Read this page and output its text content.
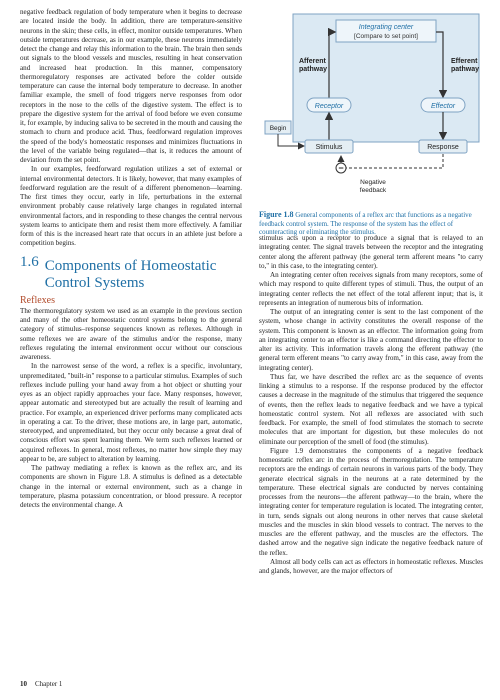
negative feedback regulation of body temperature when it begins to decrease are located inside the body. In addition, there are temperature-sensitive neurons in the skin; these cells, in effect, monitor outside temperatures. When outside temperatures decrease, as in our example, these neurons immediately detect the change and relay this information to the brain. The brain then sends out signals to the blood vessels and muscles, resulting in heat conservation and increased heat production. In this manner, compensatory thermoregulatory responses are activated before the colder outside temperature can cause the internal body temperature to decrease. In another familiar example, the smell of food triggers nerve responses from odor receptors in the nose to the cells of the digestive system. The effect is to prepare the digestive system for the arrival of food before we even consume it, for example, by inducing saliva to be secreted in the mouth and causing the stomach to churn and produce acid. Thus, feedforward regulation improves the speed of the body's homeostatic responses and minimizes fluctuations in the level of the variable being regulated—that is, it reduces the amount of deviation from the set point.

In our examples, feedforward regulation utilizes a set of external or internal environmental detectors. It is likely, however, that many examples of feedforward regulation are the result of a different phenomenon—learning. The first times they occur, early in life, perturbations in the external environment probably cause relatively large changes in regulated internal environmental factors, and in responding to these changes the central nervous system learns to anticipate them and resist them more effectively. A familiar form of this is the increased heart rate that occurs in an athlete just before a competition begins.

1.6 Components of Homeostatic
Control Systems
Reflexes

The thermoregulatory system we used as an example in the previous section and many of the other homeostatic control systems belong to the general category of stimulus–response sequences known as reflexes. Although in some reflexes we are aware of the stimulus and/or the response, many reflexes regulating the internal environment occur without our conscious awareness.

In the narrowest sense of the word, a reflex is a specific, involuntary, unpremeditated, "built-in" response to a particular stimulus. Examples of such reflexes include pulling your hand away from a hot object or shutting your eyes as an object rapidly approaches your face. Many responses, however, appear automatic and stereotyped but are actually the result of learning and practice. For example, an experienced driver performs many complicated acts in operating a car. To the driver, these motions are, in large part, automatic, stereotyped, and unpremeditated, but they occur only because a great deal of conscious effort was spent learning them. We term such reflexes learned or acquired reflexes. In general, most reflexes, no matter how simple they may appear to be, are subject to alteration by learning.

The pathway mediating a reflex is known as the reflex arc, and its components are shown in Figure 1.8. A stimulus is defined as a detectable change in the internal or external environment, such as a change in temperature, plasma potassium concentration, or blood pressure. A receptor detects the environmental change. A

Integrating center
[Compare to set point]
Afferent
pathway
Efferent
pathway
Receptor	Effector
Begin
Stimulus	Response
−
Negative
feedback
Figure 1.8 General components of a reflex arc that functions as a negative feedback control system. The response of the system has the effect of counteracting or eliminating the stimulus.

stimulus acts upon a receptor to produce a signal that is relayed to an integrating center. The signal travels between the receptor and the integrating center along the afferent pathway (the general term afferent means "to carry to," in this case, to the integrating center).

An integrating center often receives signals from many receptors, some of which may respond to quite different types of stimuli. Thus, the output of an integrating center reflects the net effect of the total afferent input; that is, it represents an integration of numerous bits of information.

The output of an integrating center is sent to the last component of the system, whose change in activity constitutes the overall response of the system. This component is known as an effector. The information going from an integrating center to an effector is like a command directing the effector to alter its activity. This information travels along the efferent pathway (the general term efferent means "to carry away from," in this case, away from the integrating center).

Thus far, we have described the reflex arc as the sequence of events linking a stimulus to a response. If the response produced by the effector causes a decrease in the magnitude of the stimulus that triggered the sequence of events, then the reflex leads to negative feedback and we have a typical homeostatic control system. Not all reflexes are associated with such feedback. For example, the smell of food stimulates the stomach to secrete molecules that are important for digestion, but these molecules do not eliminate our perception of the smell of food (the stimulus).

Figure 1.9 demonstrates the components of a negative feedback homeostatic reflex arc in the process of thermoregulation. The temperature receptors are the endings of certain neurons in various parts of the body. They generate electrical signals in the neurons at a rate determined by the temperature. These electrical signals are conducted by nerves containing processes from the neurons—the afferent pathway—to the brain, where the integrating center for temperature regulation is located. The integrating center, in turn, sends signals out along neurons in other nerves that cause skeletal muscles and the muscles in skin blood vessels to contract. The nerves to the muscles are the efferent pathway, and the muscles are the effectors. The dashed arrow and the negative sign indicate the negative feedback nature of the reflex.

Almost all body cells can act as effectors in homeostatic reflexes. Muscles and glands, however, are the major effectors of

10 Chapter 1
